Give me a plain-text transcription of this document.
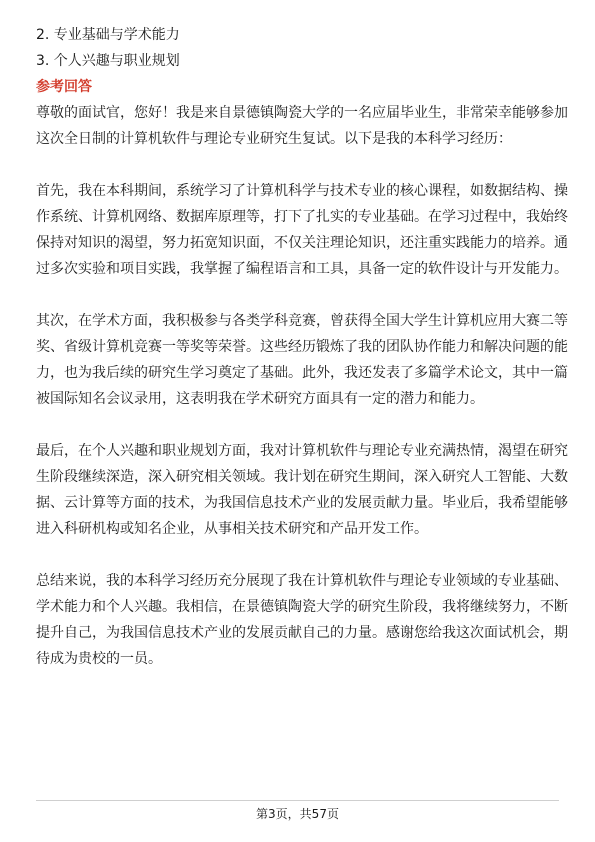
2. 专业基础与学术能力

3. 个人兴趣与职业规划

参考回答

尊敬的面试官，您好！我是来自景德镇陶瓷大学的一名应届毕业生，非常荣幸能够参加这次全日制的计算机软件与理论专业研究生复试。以下是我的本科学习经历：

首先，我在本科期间，系统学习了计算机科学与技术专业的核心课程，如数据结构、操作系统、计算机网络、数据库原理等，打下了扎实的专业基础。在学习过程中，我始终保持对知识的渴望，努力拓宽知识面，不仅关注理论知识，还注重实践能力的培养。通过多次实验和项目实践，我掌握了编程语言和工具，具备一定的软件设计与开发能力。

其次，在学术方面，我积极参与各类学科竞赛，曾获得全国大学生计算机应用大赛二等奖、省级计算机竞赛一等奖等荣誉。这些经历锻炼了我的团队协作能力和解决问题的能力，也为我后续的研究生学习奠定了基础。此外，我还发表了多篇学术论文，其中一篇被国际知名会议录用，这表明我在学术研究方面具有一定的潜力和能力。

最后，在个人兴趣和职业规划方面，我对计算机软件与理论专业充满热情，渴望在研究生阶段继续深造，深入研究相关领域。我计划在研究生期间，深入研究人工智能、大数据、云计算等方面的技术，为我国信息技术产业的发展贡献力量。毕业后，我希望能够进入科研机构或知名企业，从事相关技术研究和产品开发工作。

总结来说，我的本科学习经历充分展现了我在计算机软件与理论专业领域的专业基础、学术能力和个人兴趣。我相信，在景德镇陶瓷大学的研究生阶段，我将继续努力，不断提升自己，为我国信息技术产业的发展贡献自己的力量。感谢您给我这次面试机会，期待成为贵校的一员。

第3页，共57页
